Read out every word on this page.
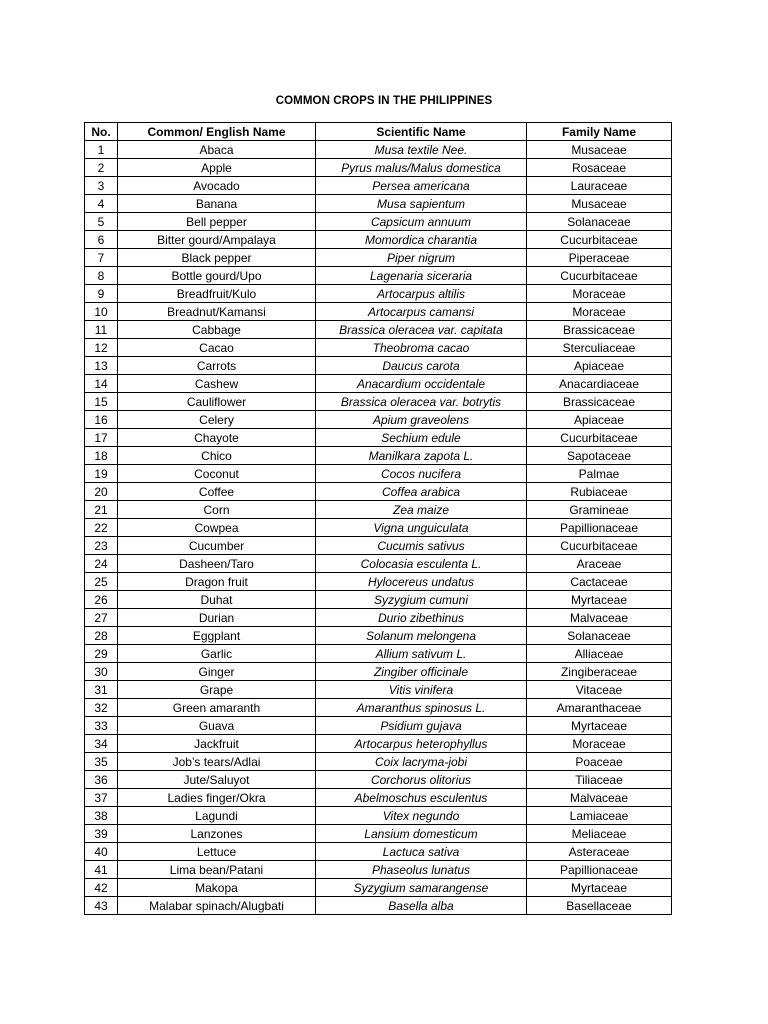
COMMON CROPS IN THE PHILIPPINES
No.	Common/ English Name	Scientific Name	Family Name
1	Abaca	Musa textile Nee.	Musaceae
2	Apple	Pyrus malus/Malus domestica	Rosaceae
3	Avocado	Persea americana	Lauraceae
4	Banana	Musa sapientum	Musaceae
5	Bell pepper	Capsicum annuum	Solanaceae
6	Bitter gourd/Ampalaya	Momordica charantia	Cucurbitaceae
7	Black pepper	Piper nigrum	Piperaceae
8	Bottle gourd/Upo	Lagenaria siceraria	Cucurbitaceae
9	Breadfruit/Kulo	Artocarpus altilis	Moraceae
10	Breadnut/Kamansi	Artocarpus camansi	Moraceae
11	Cabbage	Brassica oleracea var. capitata	Brassicaceae
12	Cacao	Theobroma cacao	Sterculiaceae
13	Carrots	Daucus carota	Apiaceae
14	Cashew	Anacardium occidentale	Anacardiaceae
15	Cauliflower	Brassica oleracea var. botrytis	Brassicaceae
16	Celery	Apium graveolens	Apiaceae
17	Chayote	Sechium edule	Cucurbitaceae
18	Chico	Manilkara zapota L.	Sapotaceae
19	Coconut	Cocos nucifera	Palmae
20	Coffee	Coffea arabica	Rubiaceae
21	Corn	Zea maize	Gramineae
22	Cowpea	Vigna unguiculata	Papillionaceae
23	Cucumber	Cucumis sativus	Cucurbitaceae
24	Dasheen/Taro	Colocasia esculenta L.	Araceae
25	Dragon fruit	Hylocereus undatus	Cactaceae
26	Duhat	Syzygium cumuni	Myrtaceae
27	Durian	Durio zibethinus	Malvaceae
28	Eggplant	Solanum melongena	Solanaceae
29	Garlic	Allium sativum L.	Alliaceae
30	Ginger	Zingiber officinale	Zingiberaceae
31	Grape	Vitis vinifera	Vitaceae
32	Green amaranth	Amaranthus spinosus L.	Amaranthaceae
33	Guava	Psidium gujava	Myrtaceae
34	Jackfruit	Artocarpus heterophyllus	Moraceae
35	Job’s tears/Adlai	Coix lacryma-jobi	Poaceae
36	Jute/Saluyot	Corchorus olitorius	Tiliaceae
37	Ladies finger/Okra	Abelmoschus esculentus	Malvaceae
38	Lagundi	Vitex negundo	Lamiaceae
39	Lanzones	Lansium domesticum	Meliaceae
40	Lettuce	Lactuca sativa	Asteraceae
41	Lima bean/Patani	Phaseolus lunatus	Papillionaceae
42	Makopa	Syzygium samarangense	Myrtaceae
43	Malabar spinach/Alugbati	Basella alba	Basellaceae
